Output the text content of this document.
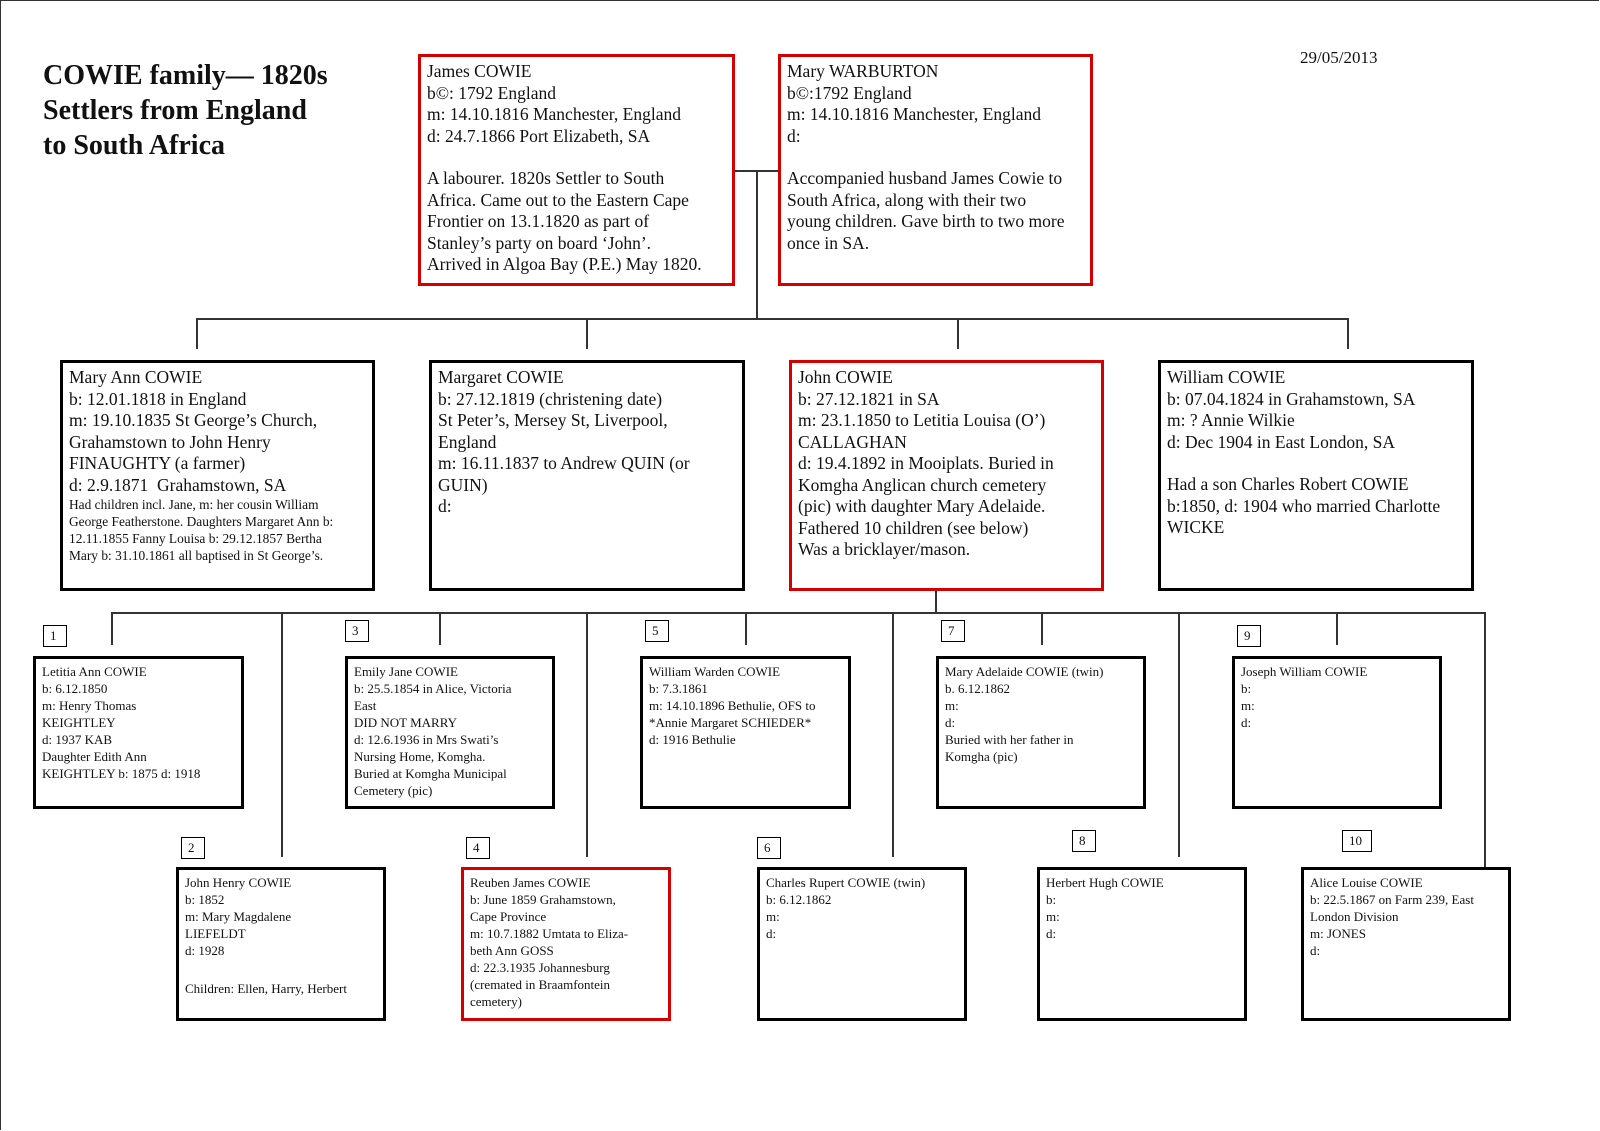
COWIE family— 1820s
Settlers from England
to South Africa
29/05/2013
James COWIE
b©: 1792 England
m: 14.10.1816 Manchester, England
d: 24.7.1866 Port Elizabeth, SA
A labourer. 1820s Settler to South
Africa. Came out to the Eastern Cape
Frontier on 13.1.1820 as part of
Stanley’s party on board ‘John’.
Arrived in Algoa Bay (P.E.) May 1820.
Mary WARBURTON
b©:1792 England
m: 14.10.1816 Manchester, England
d:
Accompanied husband James Cowie to
South Africa, along with their two
young children. Gave birth to two more
once in SA.
Mary Ann COWIE
b: 12.01.1818 in England
m: 19.10.1835 St George’s Church,
Grahamstown to John Henry
FINAUGHTY (a farmer)
d: 2.9.1871  Grahamstown, SA
Had children incl. Jane, m: her cousin William
George Featherstone. Daughters Margaret Ann b:
12.11.1855 Fanny Louisa b: 29.12.1857 Bertha
Mary b: 31.10.1861 all baptised in St George’s.
Margaret COWIE
b: 27.12.1819 (christening date)
St Peter’s, Mersey St, Liverpool,
England
m: 16.11.1837 to Andrew QUIN (or
GUIN)
d:
John COWIE
b: 27.12.1821 in SA
m: 23.1.1850 to Letitia Louisa (O’)
CALLAGHAN
d: 19.4.1892 in Mooiplats. Buried in
Komgha Anglican church cemetery
(pic) with daughter Mary Adelaide.
Fathered 10 children (see below)
Was a bricklayer/mason.
William COWIE
b: 07.04.1824 in Grahamstown, SA
m: ? Annie Wilkie
d: Dec 1904 in East London, SA
Had a son Charles Robert COWIE
b:1850, d: 1904 who married Charlotte
WICKE
Letitia Ann COWIE
b: 6.12.1850
m: Henry Thomas
KEIGHTLEY
d: 1937 KAB
Daughter Edith Ann
KEIGHTLEY b: 1875 d: 1918
1
John Henry COWIE
b: 1852
m: Mary Magdalene
LIEFELDT
d: 1928
Children: Ellen, Harry, Herbert
2
Emily Jane COWIE
b: 25.5.1854 in Alice, Victoria
East
DID NOT MARRY
d: 12.6.1936 in Mrs Swati’s
Nursing Home, Komgha.
Buried at Komgha Municipal
Cemetery (pic)
3
Reuben James COWIE
b: June 1859 Grahamstown,
Cape Province
m: 10.7.1882 Umtata to Eliza-
beth Ann GOSS
d: 22.3.1935 Johannesburg
(cremated in Braamfontein
cemetery)
4
William Warden COWIE
b: 7.3.1861
m: 14.10.1896 Bethulie, OFS to
*Annie Margaret SCHIEDER*
d: 1916 Bethulie
5
Charles Rupert COWIE (twin)
b: 6.12.1862
m:
d:
6
Mary Adelaide COWIE (twin)
b. 6.12.1862
m:
d:
Buried with her father in
Komgha (pic)
7
Herbert Hugh COWIE
b:
m:
d:
8
Joseph William COWIE
b:
m:
d:
9
Alice Louise COWIE
b: 22.5.1867 on Farm 239, East
London Division
m: JONES
d:
10
